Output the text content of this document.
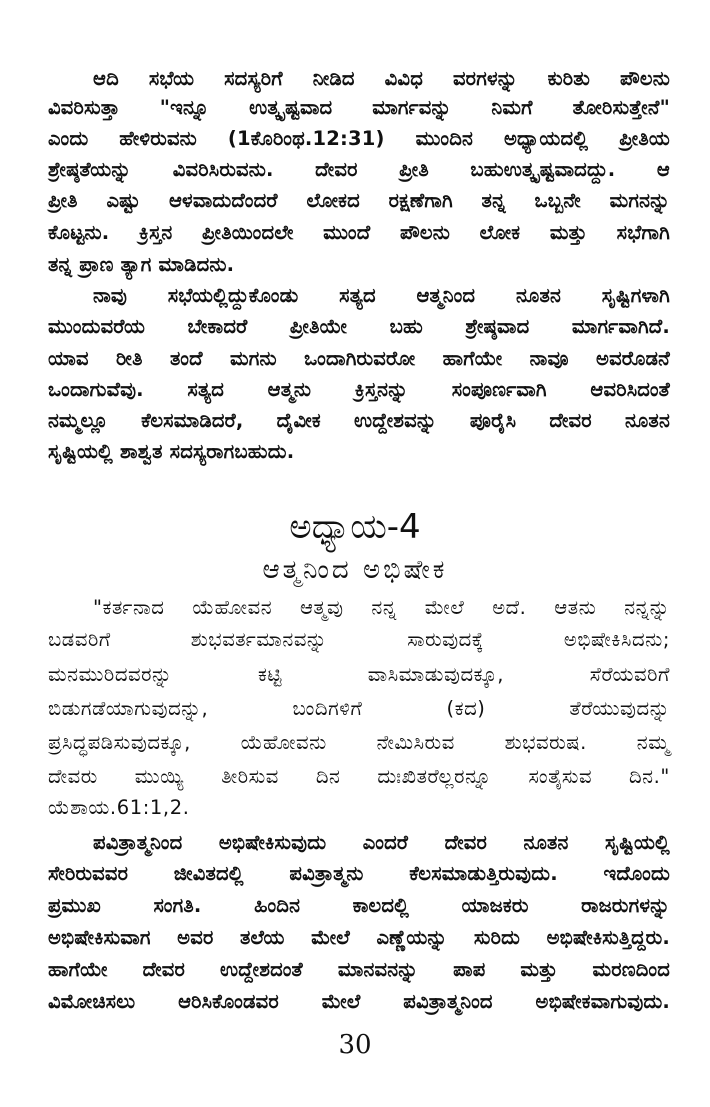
ಆದಿ ಸಭೆಯ ಸದಸ್ಯರಿಗೆ ನೀಡಿದ ವಿವಿಧ ವರಗಳನ್ನು ಕುರಿತು ಪೌಲನು
ವಿವರಿಸುತ್ತಾ "ಇನ್ನೂ ಉತ್ಕೃಷ್ಟವಾದ ಮಾರ್ಗವನ್ನು ನಿಮಗೆ ತೋರಿಸುತ್ತೇನೆ"
ಎಂದು ಹೇಳಿರುವನು (1ಕೊರಿಂಥ.12:31) ಮುಂದಿನ ಅಧ್ಯಾಯದಲ್ಲಿ ಪ್ರೀತಿಯ
ಶ್ರೇಷ್ಠತೆಯನ್ನು ವಿವರಿಸಿರುವನು. ದೇವರ ಪ್ರೀತಿ ಬಹುಉತ್ಕೃಷ್ಟವಾದದ್ದು. ಆ
ಪ್ರೀತಿ ಎಷ್ಟು ಆಳವಾದುದೆಂದರೆ ಲೋಕದ ರಕ್ಷಣೆಗಾಗಿ ತನ್ನ ಒಬ್ಬನೇ ಮಗನನ್ನು
ಕೊಟ್ಟನು. ಕ್ರಿಸ್ತನ ಪ್ರೀತಿಯಿಂದಲೇ ಮುಂದೆ ಪೌಲನು ಲೋಕ ಮತ್ತು ಸಭೆಗಾಗಿ
ತನ್ನ ಪ್ರಾಣ ತ್ಯಾಗ ಮಾಡಿದನು.
ನಾವು ಸಭೆಯಲ್ಲಿದ್ದುಕೊಂಡು ಸತ್ಯದ ಆತ್ಮನಿಂದ ನೂತನ ಸೃಷ್ಟಿಗಳಾಗಿ
ಮುಂದುವರೆಯ ಬೇಕಾದರೆ ಪ್ರೀತಿಯೇ ಬಹು ಶ್ರೇಷ್ಠವಾದ ಮಾರ್ಗವಾಗಿದೆ.
ಯಾವ ರೀತಿ ತಂದೆ ಮಗನು ಒಂದಾಗಿರುವರೋ ಹಾಗೆಯೇ ನಾವೂ ಅವರೊಡನೆ
ಒಂದಾಗುವೆವು. ಸತ್ಯದ ಆತ್ಮನು ಕ್ರಿಸ್ತನನ್ನು ಸಂಪೂರ್ಣವಾಗಿ ಆವರಿಸಿದಂತೆ
ನಮ್ಮಲ್ಲೂ ಕೆಲಸಮಾಡಿದರೆ, ದೈವೀಕ ಉದ್ದೇಶವನ್ನು ಪೂರೈಸಿ ದೇವರ ನೂತನ
ಸೃಷ್ಟಿಯಲ್ಲಿ ಶಾಶ್ವತ ಸದಸ್ಯರಾಗಬಹುದು.
ಅಧ್ಯಾಯ-4
ಆತ್ಮನಿಂದ ಅಭಿಷೇಕ
"ಕರ್ತನಾದ ಯೆಹೋವನ ಆತ್ಮವು ನನ್ನ ಮೇಲೆ ಅದೆ. ಆತನು ನನ್ನನ್ನು
ಬಡವರಿಗೆ ಶುಭವರ್ತಮಾನವನ್ನು ಸಾರುವುದಕ್ಕೆ ಅಭಿಷೇಕಿಸಿದನು;
ಮನಮುರಿದವರನ್ನು ಕಟ್ಟಿ ವಾಸಿಮಾಡುವುದಕ್ಕೂ, ಸೆರೆಯವರಿಗೆ
ಬಿಡುಗಡೆಯಾಗುವುದನ್ನು, ಬಂದಿಗಳಿಗೆ (ಕದ) ತೆರೆಯುವುದನ್ನು
ಪ್ರಸಿದ್ಧಪಡಿಸುವುದಕ್ಕೂ, ಯೆಹೋವನು ನೇಮಿಸಿರುವ ಶುಭವರುಷ. ನಮ್ಮ
ದೇವರು ಮುಯ್ಯಿ ತೀರಿಸುವ ದಿನ ದುಃಖಿತರೆಲ್ಲರನ್ನೂ ಸಂತೈಸುವ ದಿನ."
ಯೆಶಾಯ.61:1,2.
ಪವಿತ್ರಾತ್ಮನಿಂದ ಅಭಿಷೇಕಿಸುವುದು ಎಂದರೆ ದೇವರ ನೂತನ ಸೃಷ್ಟಿಯಲ್ಲಿ
ಸೇರಿರುವವರ ಜೀವಿತದಲ್ಲಿ ಪವಿತ್ರಾತ್ಮನು ಕೆಲಸಮಾಡುತ್ತಿರುವುದು. ಇದೊಂದು
ಪ್ರಮುಖ ಸಂಗತಿ. ಹಿಂದಿನ ಕಾಲದಲ್ಲಿ ಯಾಜಕರು ರಾಜರುಗಳನ್ನು
ಅಭಿಷೇಕಿಸುವಾಗ ಅವರ ತಲೆಯ ಮೇಲೆ ಎಣ್ಣೆಯನ್ನು ಸುರಿದು ಅಭಿಷೇಕಿಸುತ್ತಿದ್ದರು.
ಹಾಗೆಯೇ ದೇವರ ಉದ್ದೇಶದಂತೆ ಮಾನವನನ್ನು ಪಾಪ ಮತ್ತು ಮರಣದಿಂದ
ವಿಮೋಚಿಸಲು ಆರಿಸಿಕೊಂಡವರ ಮೇಲೆ ಪವಿತ್ರಾತ್ಮನಿಂದ ಅಭಿಷೇಕವಾಗುವುದು.
30
